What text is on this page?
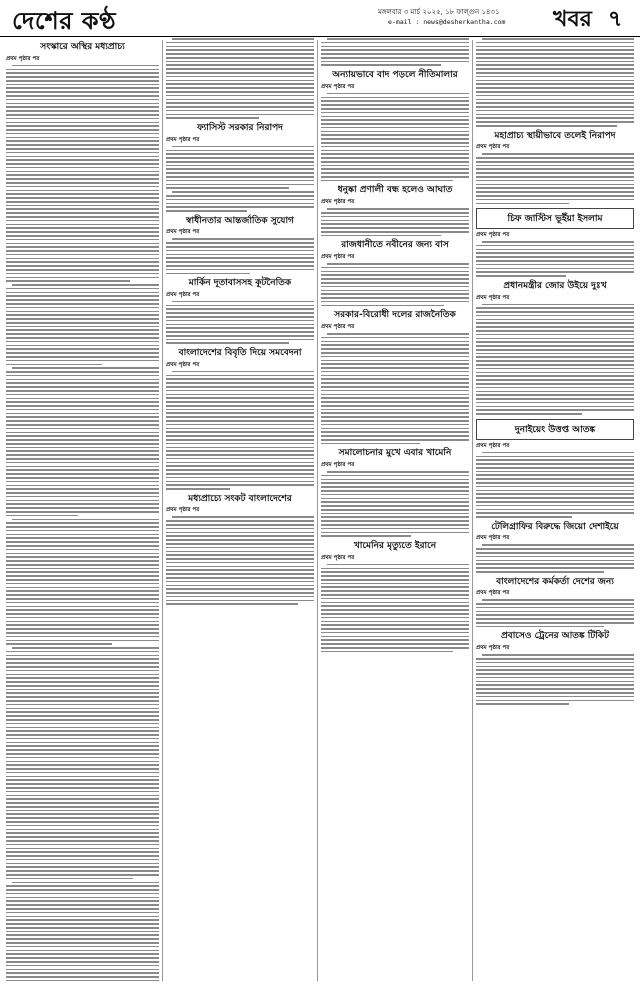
দেশের কণ্ঠ	মঙ্গলবার ৩ মার্চ ২০২৫, ১৮ ফাল্গুন ১৪৩১
e-mail : news@desherkantha.com খবর ৭
সংস্কারে অস্থির মধ্যপ্রাচ্য
প্রথম পৃষ্ঠার পর
ফ্যাসিস্ট সরকার নিরাপদ
প্রথম পৃষ্ঠার পর
স্বাধীনতার আন্তর্জাতিক সুযোগ
প্রথম পৃষ্ঠার পর
মার্কিন দূতাবাসসহ কূটনৈতিক
প্রথম পৃষ্ঠার পর
বাংলাদেশের বিবৃতি দিয়ে সমবেদনা
প্রথম পৃষ্ঠার পর
মধ্যপ্রাচ্যে সংকট বাংলাদেশের
প্রথম পৃষ্ঠার পর
অন্যায়ভাবে বাদ পড়লে নীতিমালার
প্রথম পৃষ্ঠার পর
ধনুষ্কা প্রণালী বন্ধ হলেও আঘাত
প্রথম পৃষ্ঠার পর
রাজধানীতে নবীনের জন্য বাস
প্রথম পৃষ্ঠার পর
সরকার-বিরোধী দলের রাজনৈতিক
প্রথম পৃষ্ঠার পর
সমালোচনার মুখে এবার খামেনি
প্রথম পৃষ্ঠার পর
খামেনির মৃত্যুতে ইরানে
প্রথম পৃষ্ঠার পর
মহাপ্রাচ্য স্থায়ীভাবে তলেই নিরাপদ
প্রথম পৃষ্ঠার পর
চিফ জাস্টিস ভূইঁয়া ইসলাম
প্রথম পৃষ্ঠার পর
প্রধানমন্ত্রীর জোর উইয়ে দুঃখ
প্রথম পৃষ্ঠার পর
দুনাইয়েং উত্তপ্ত আতঙ্ক
প্রথম পৃষ্ঠার পর
টেলিগ্রাফির বিরুদ্ধে জিয়ো দেশাইয়ে
প্রথম পৃষ্ঠার পর
বাংলাদেশের কর্মকর্তা দেশের জন্য
প্রথম পৃষ্ঠার পর
প্রবাসেও ট্রেনের আতঙ্ক টিকিট
প্রথম পৃষ্ঠার পর
